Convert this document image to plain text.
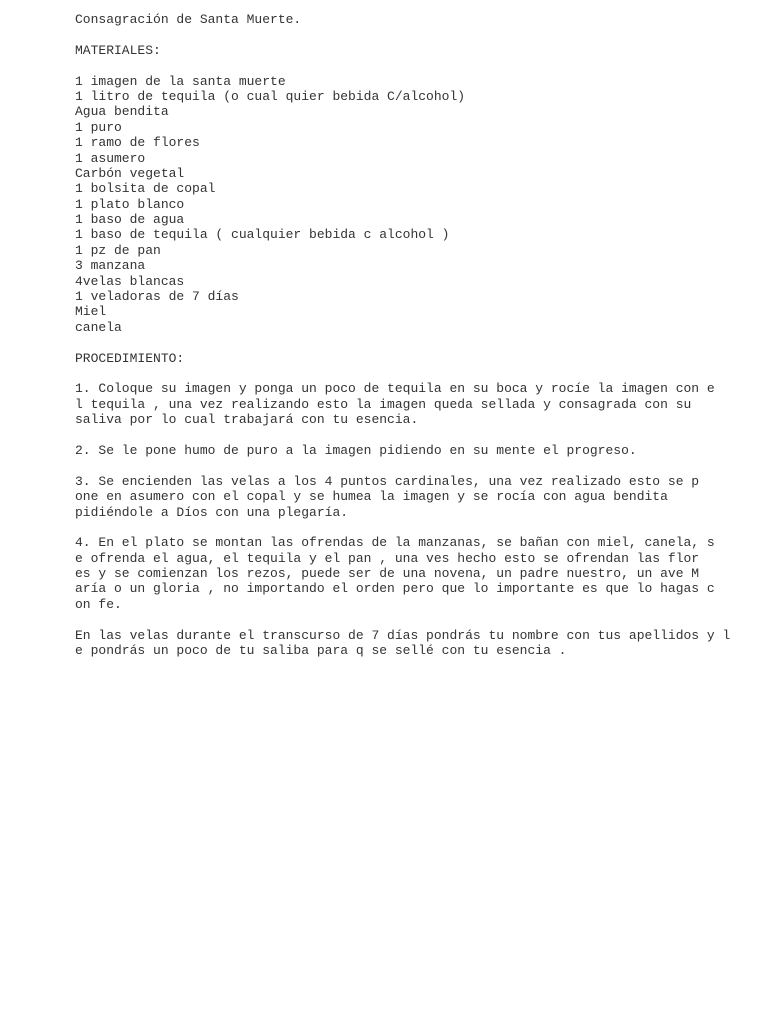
Consagración de Santa Muerte.
MATERIALES:
1 imagen de la santa muerte
1 litro de tequila (o cual quier bebida C/alcohol)
Agua bendita
1 puro
1 ramo de flores
1 asumero
Carbón vegetal
1 bolsita de copal
1 plato blanco
1 baso de agua
1 baso de tequila ( cualquier bebida c alcohol )
1 pz de pan
3 manzana
4velas blancas
1 veladoras de 7 días
Miel
canela
PROCEDIMIENTO:
1. Coloque su imagen y ponga un poco de tequila en su boca y rocíe la imagen con e
l tequila , una vez realizando esto la imagen queda sellada y consagrada con su
saliva por lo cual trabajará con tu esencia.
2. Se le pone humo de puro a la imagen pidiendo en su mente el progreso.
3. Se encienden las velas a los 4 puntos cardinales, una vez realizado esto se p
one en asumero con el copal y se humea la imagen y se rocía con agua bendita
pidiéndole a Díos con una plegaría.
4. En el plato se montan las ofrendas de la manzanas, se bañan con miel, canela, s
e ofrenda el agua, el tequila y el pan , una ves hecho esto se ofrendan las flor
es y se comienzan los rezos, puede ser de una novena, un padre nuestro, un ave M
aría o un gloria , no importando el orden pero que lo importante es que lo hagas c
on fe.
En las velas durante el transcurso de 7 días pondrás tu nombre con tus apellidos y l
e pondrás un poco de tu saliba para q se sellé con tu esencia .
